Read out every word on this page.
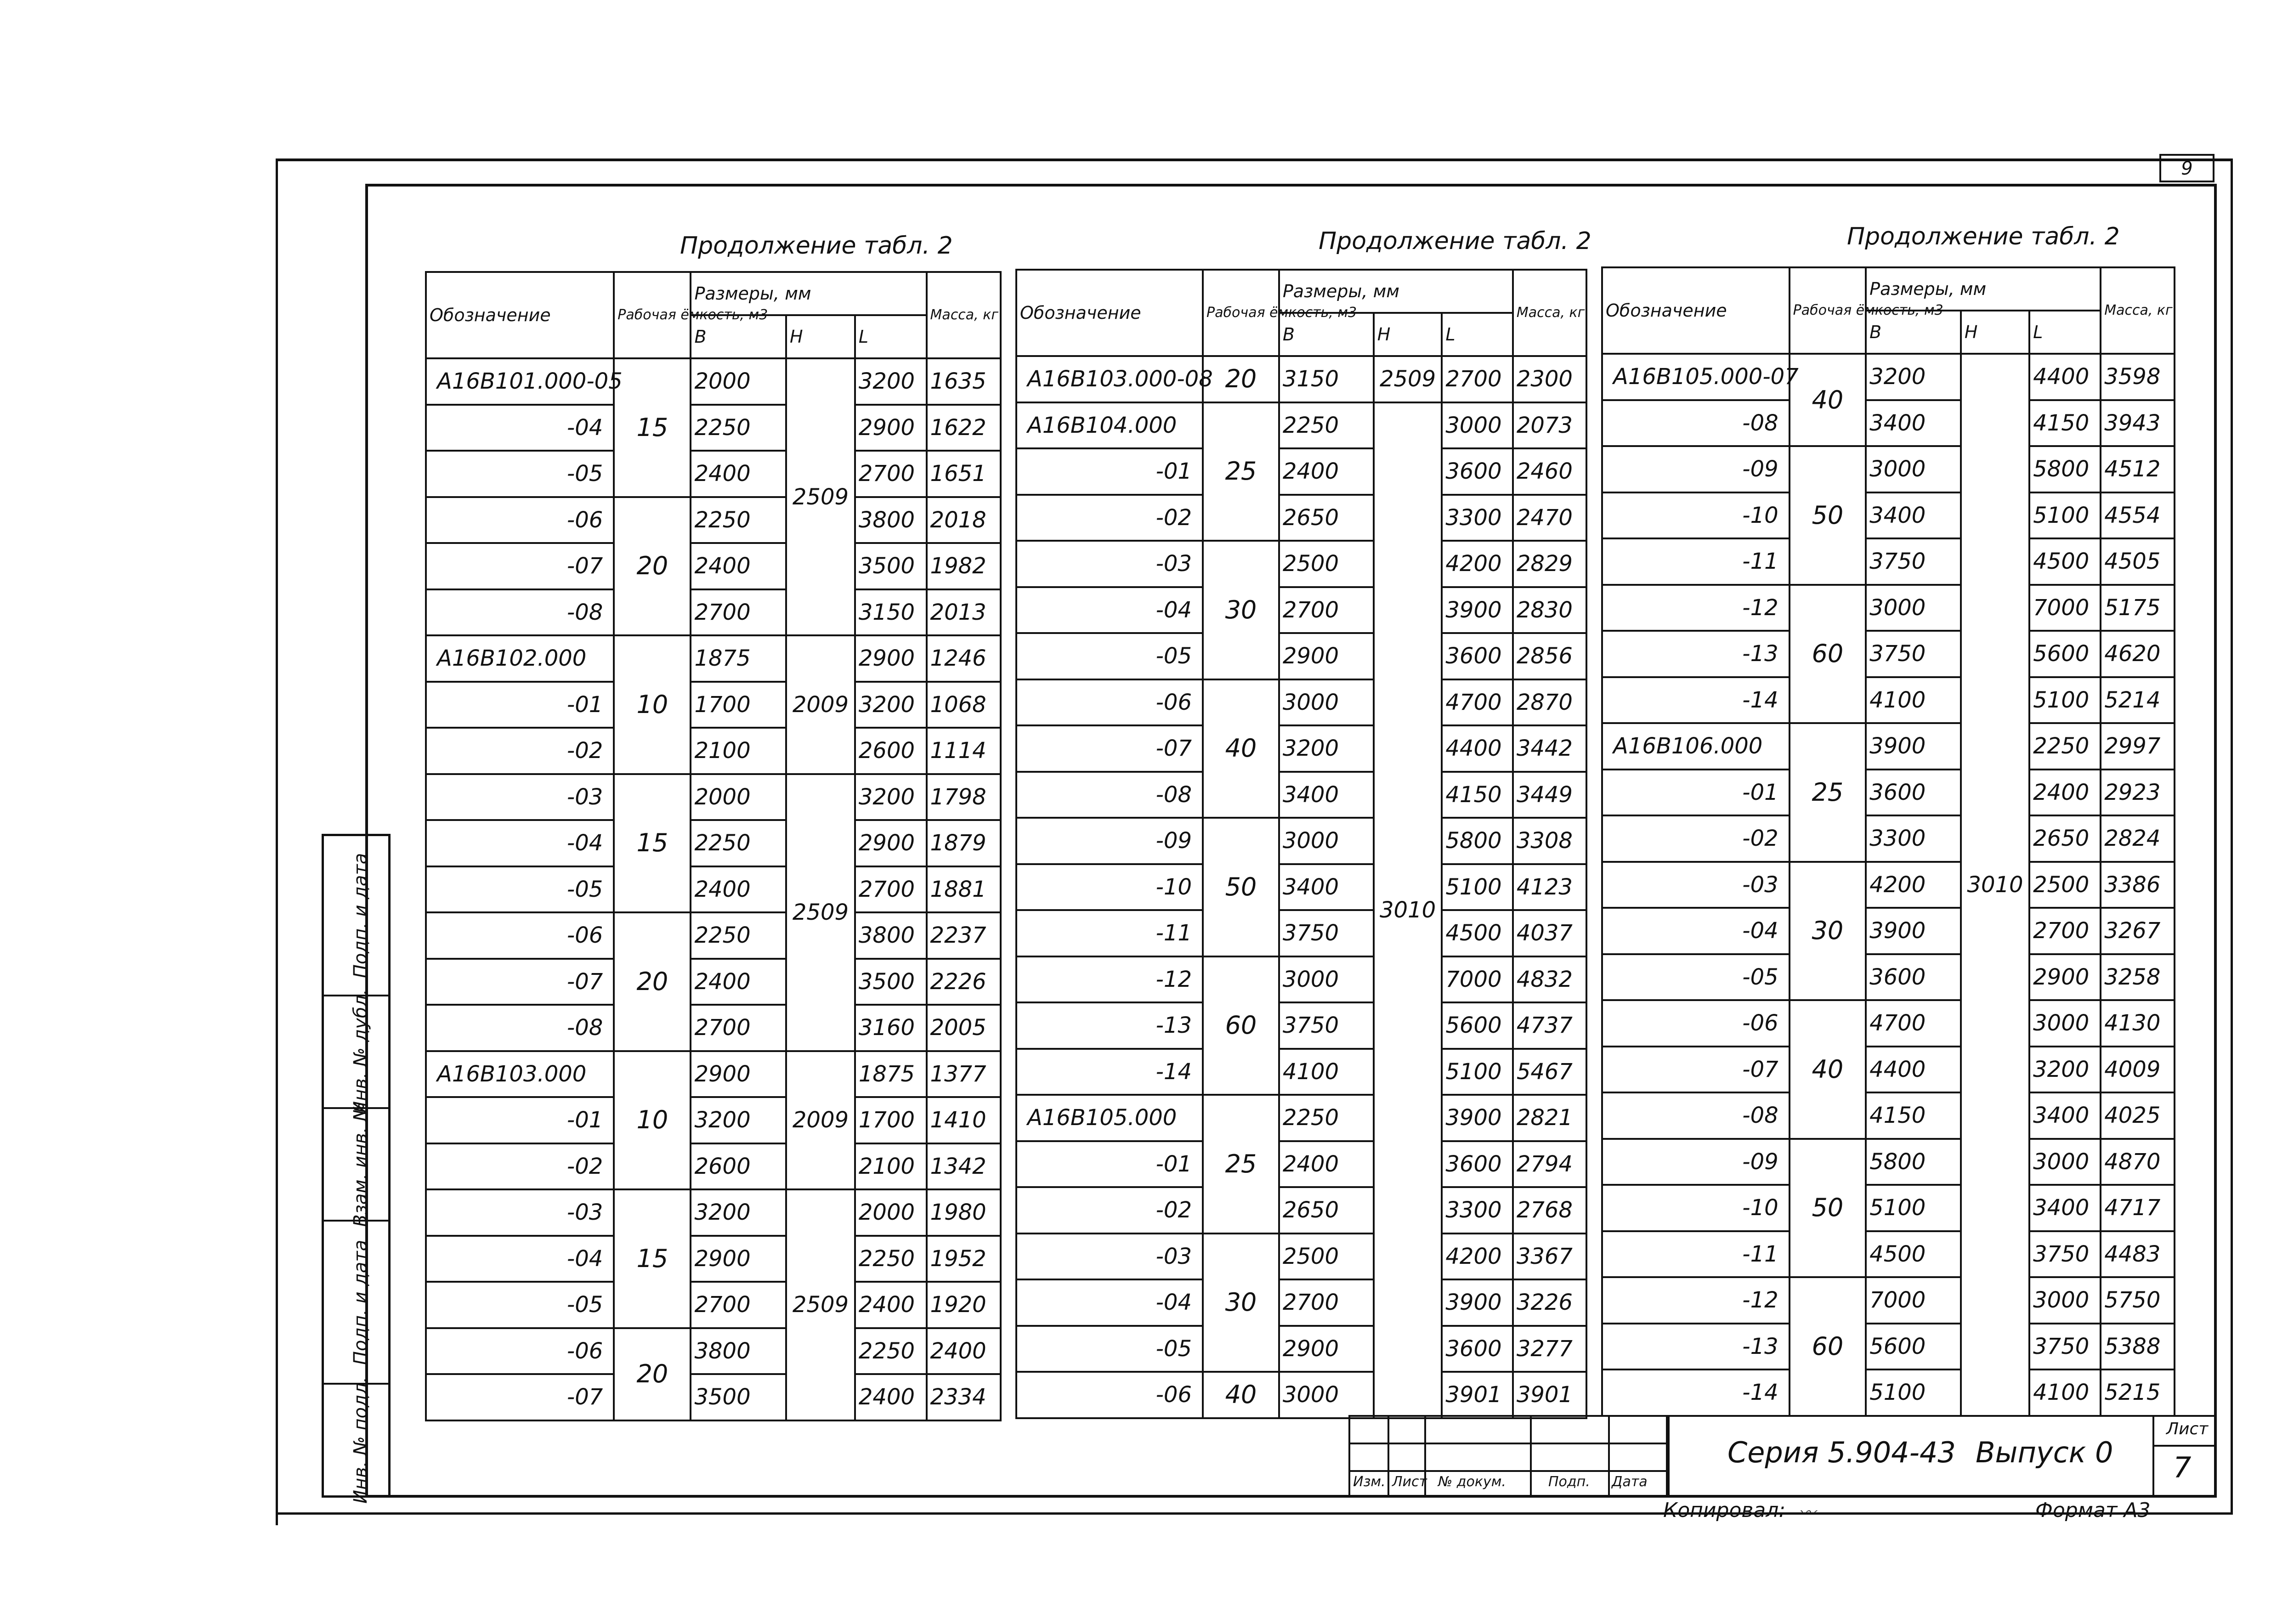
9
Продолжение табл. 2	Продолжение табл. 2	Продолжение табл. 2
Обозначение	Рабочая ёмкость, м3	Размеры, мм			Масса, кг
		B	H	L	
A16B101.000-05	15	2000	2509	3200	1635
-04		2250		2900	1622
-05		2400		2700	1651
-06	20	2250		3800	2018
-07		2400		3500	1982
-08		2700		3150	2013
A16B102.000	10	1875	2009	2900	1246
-01		1700		3200	1068
-02		2100		2600	1114
-03	15	2000	2509	3200	1798
-04		2250		2900	1879
-05		2400		2700	1881
-06	20	2250		3800	2237
-07		2400		3500	2226
-08		2700		3160	2005
A16B103.000	10	2900	2009	1875	1377
-01		3200		1700	1410
-02		2600		2100	1342
-03	15	3200	2509	2000	1980
-04		2900		2250	1952
-05		2700		2400	1920
-06	20	3800		2250	2400
-07		3500		2400	2334
Обозначение	Рабочая ёмкость, м3	Размеры, мм			Масса, кг
		B	H	L	
A16B103.000-08	20	3150	2509	2700	2300
A16B104.000	25	2250	3010	3000	2073
-01		2400		3600	2460
-02		2650		3300	2470
-03	30	2500		4200	2829
-04		2700		3900	2830
-05		2900		3600	2856
-06	40	3000		4700	2870
-07		3200		4400	3442
-08		3400		4150	3449
-09	50	3000		5800	3308
-10		3400		5100	4123
-11		3750		4500	4037
-12	60	3000		7000	4832
-13		3750		5600	4737
-14		4100		5100	5467
A16B105.000	25	2250		3900	2821
-01		2400		3600	2794
-02		2650		3300	2768
-03	30	2500		4200	3367
-04		2700		3900	3226
-05		2900		3600	3277
-06	40	3000		3901	3901
Обозначение	Рабочая ёмкость, м3	Размеры, мм			Масса, кг
		B	H	L	
A16B105.000-07	40	3200	3010	4400	3598
-08		3400		4150	3943
-09	50	3000		5800	4512
-10		3400		5100	4554
-11		3750		4500	4505
-12	60	3000		7000	5175
-13		3750		5600	4620
-14		4100		5100	5214
A16B106.000	25	3900		2250	2997
-01		3600		2400	2923
-02		3300		2650	2824
-03	30	4200		2500	3386
-04		3900		2700	3267
-05		3600		2900	3258
-06	40	4700		3000	4130
-07		4400		3200	4009
-08		4150		3400	4025
-09	50	5800		3000	4870
-10		5100		3400	4717
-11		4500		3750	4483
-12	60	7000		3000	5750
-13		5600		3750	5388
-14		5100		4100	5215
Подп. и дата
Инв. № дубл.
Взам. инв. №
Подп. и дата
Инв. № подл.	Изм. Лист № докум.	Подп. Дата
Серия 5.904-43 Выпуск 0
Лист
7
Копировал: 〰	Формат А3
